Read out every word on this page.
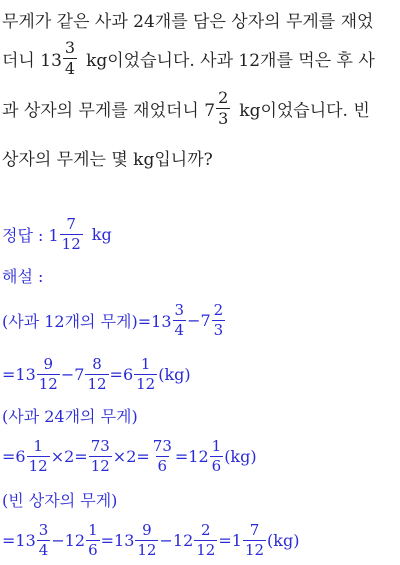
무게가 같은 사과 24개를 담은 상자의 무게를 재었
더니 $13 \frac{3}{4}$ kg이었습니다. 사과 12개를 먹은 후 사
과 상자의 무게를 재었더니 $7 \frac{2}{3}$ kg이었습니다. 빈
상자의 무게는 몇 kg입니까?
정답 : $1 \frac{7}{12}$ kg
해설 :
(사과 12개의 무게)$=13 \frac{3}{4} -7 \frac{2}{3}$
$=13 \frac{9}{12} -7 \frac{8}{12} =6 \frac{1}{12} (kg)$
(사과 24개의 무게)
$=6 \frac{1}{12} \times 2= \frac{73}{12} \times 2= \frac{73}{6} =12 \frac{1}{6} (kg)$
(빈 상자의 무게)
$=13 \frac{3}{4} -12 \frac{1}{6} =13 \frac{9}{12} -12 \frac{2}{12} =1 \frac{7}{12} (kg)$
